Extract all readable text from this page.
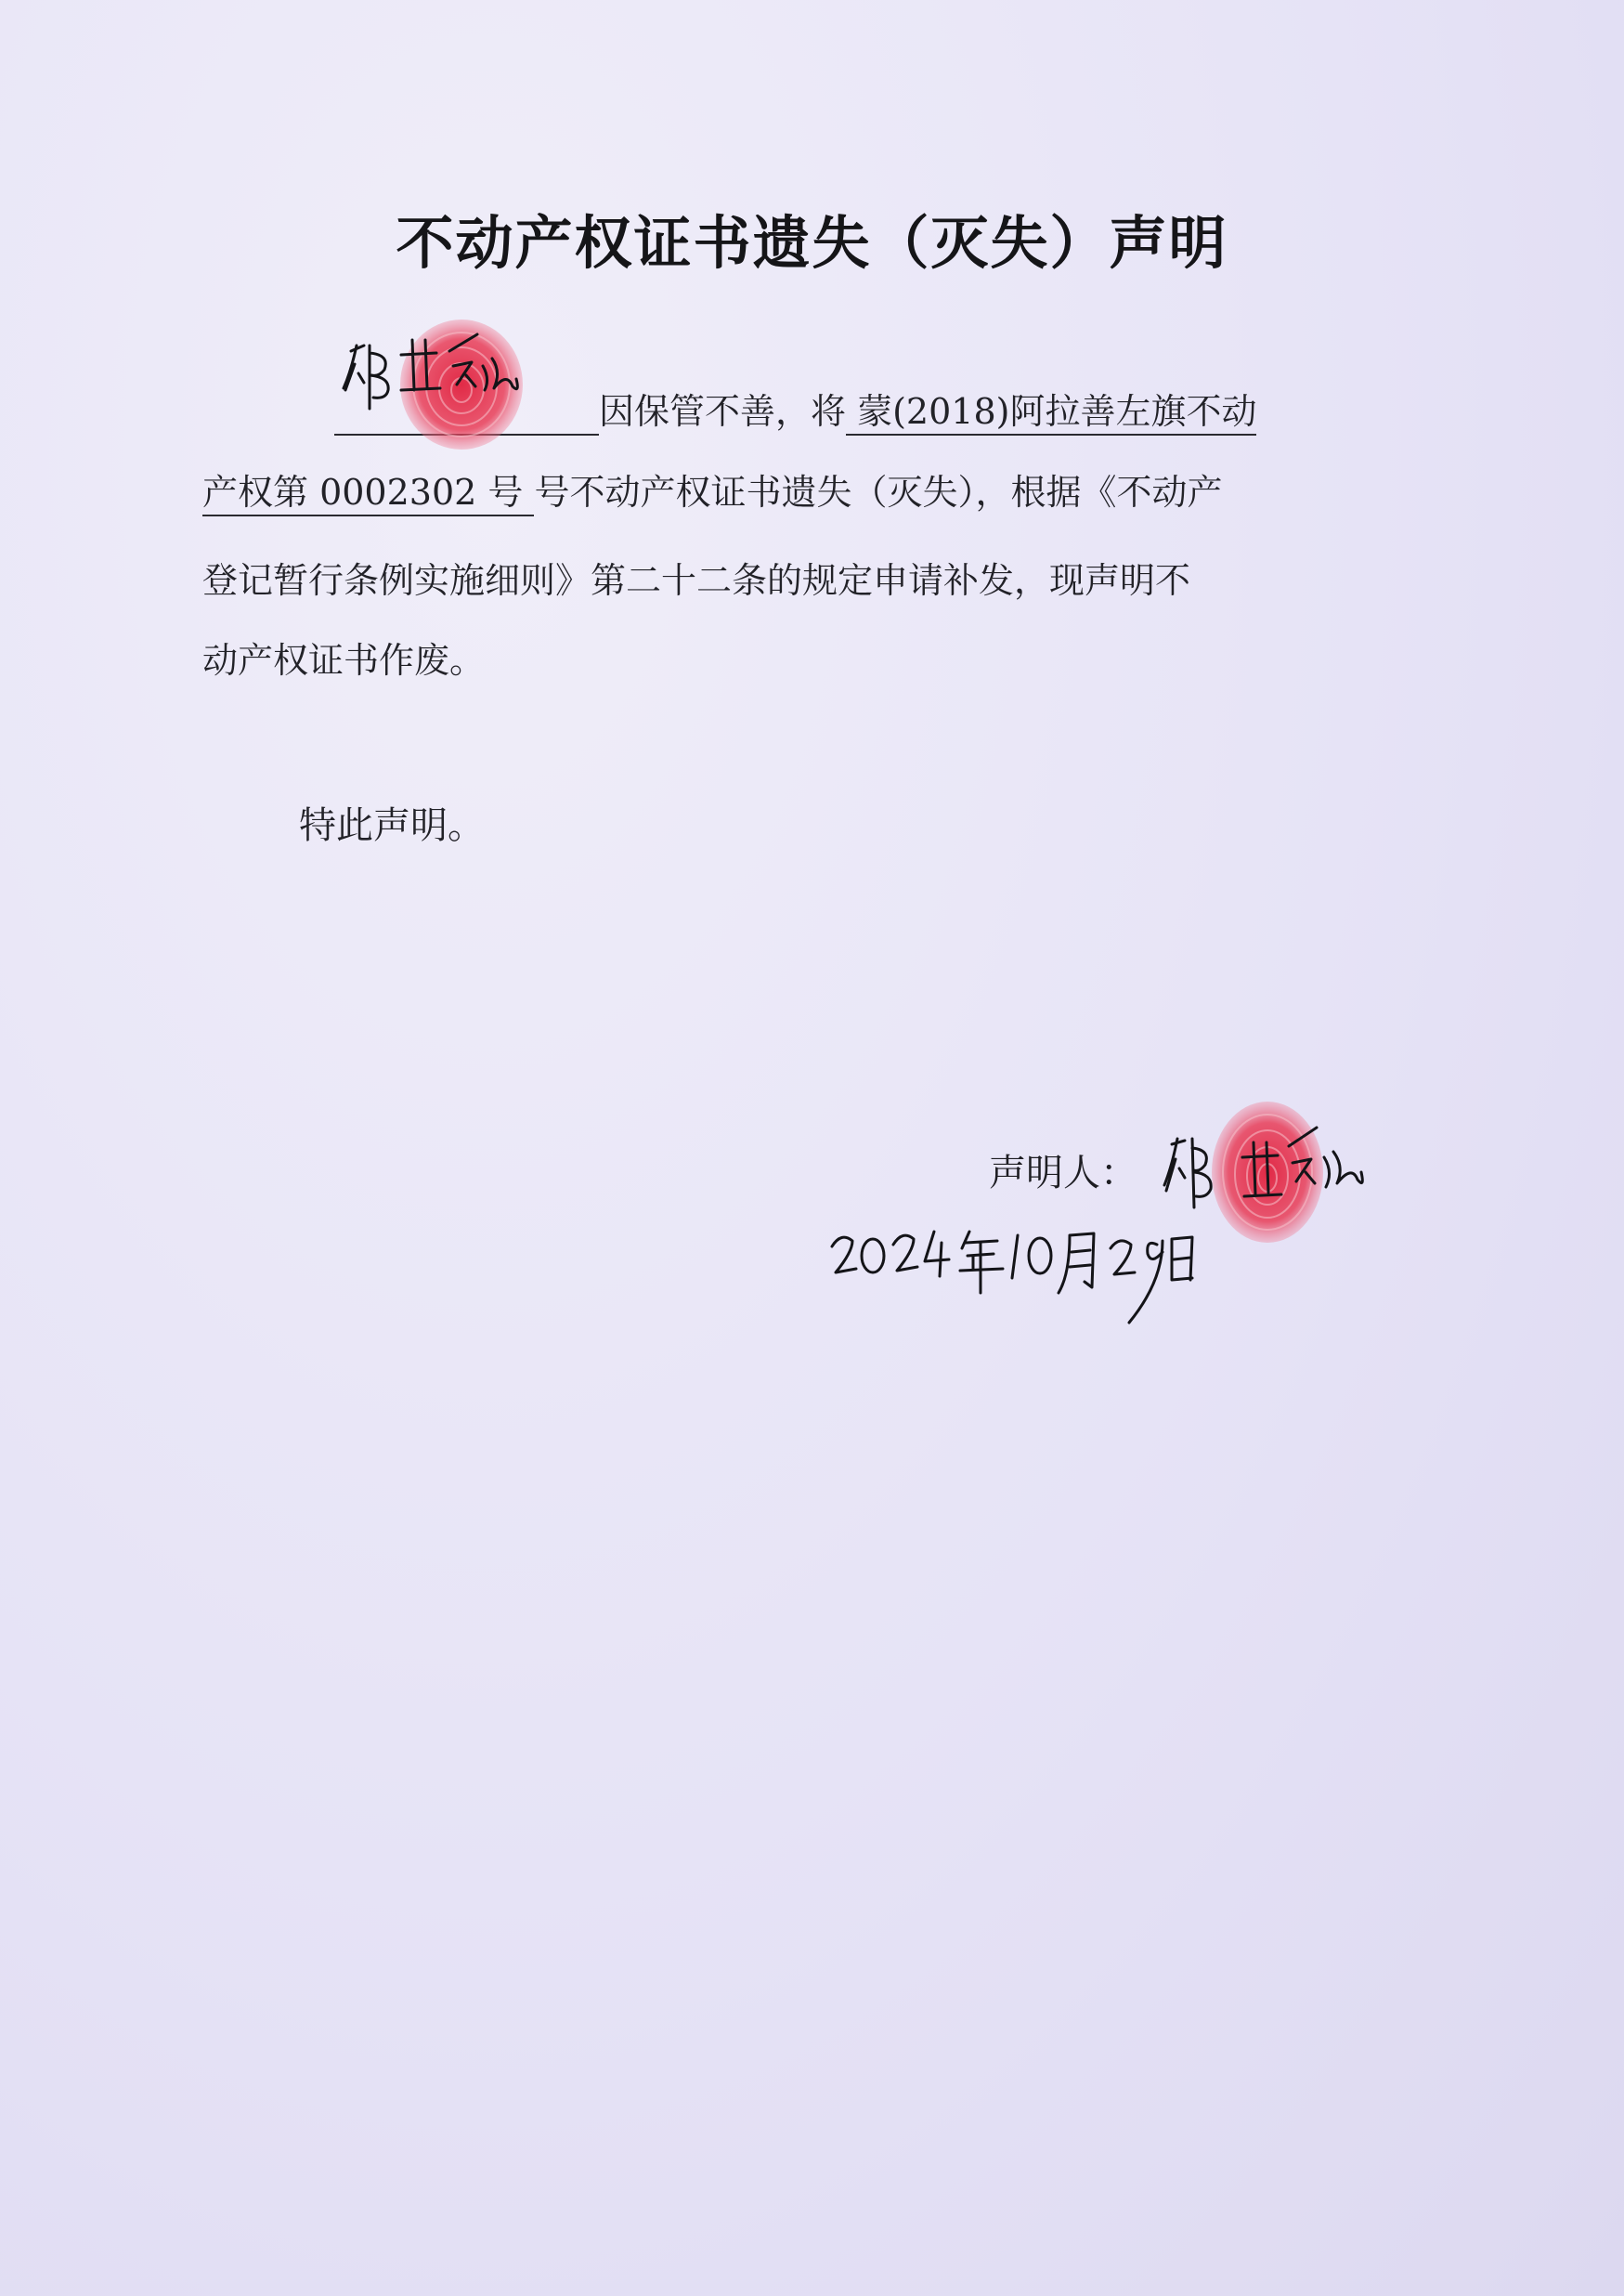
不动产权证书遗失（灭失）声明
因保管不善，将 蒙(2018)阿拉善左旗不动
产权第 0002302 号 号不动产权证书遗失（灭失），根据《不动产
登记暂行条例实施细则》第二十二条的规定申请补发，现声明不
动产权证书作废。
特此声明。
声明人：
